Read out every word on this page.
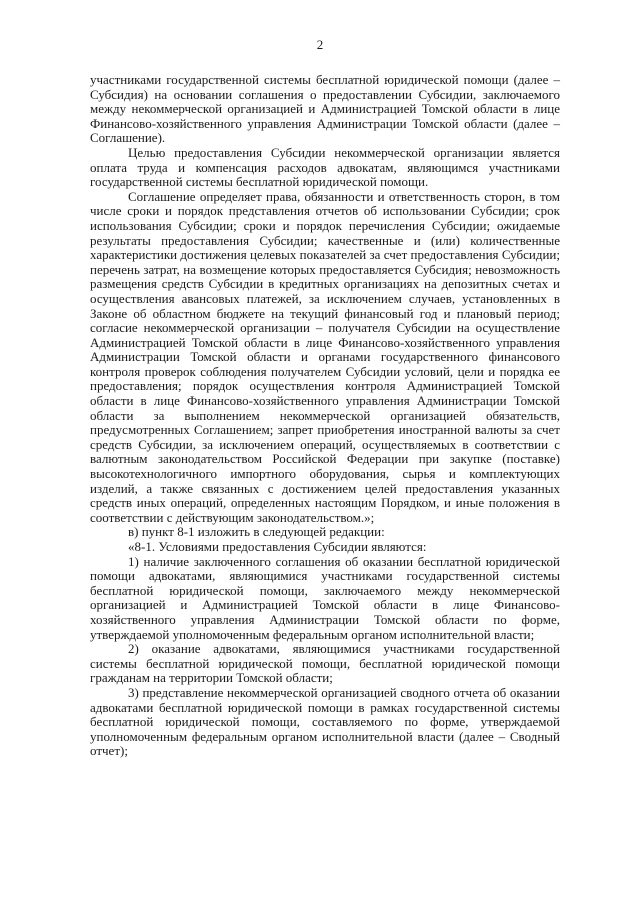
2

участниками государственной системы бесплатной юридической помощи (далее – Субсидия) на основании соглашения о предоставлении Субсидии, заключаемого между некоммерческой организацией и Администрацией Томской области в лице Финансово-хозяйственного управления Администрации Томской области (далее – Соглашение).

Целью предоставления Субсидии некоммерческой организации является оплата труда и компенсация расходов адвокатам, являющимся участниками государственной системы бесплатной юридической помощи.

Соглашение определяет права, обязанности и ответственность сторон, в том числе сроки и порядок представления отчетов об использовании Субсидии; срок использования Субсидии; сроки и порядок перечисления Субсидии; ожидаемые результаты предоставления Субсидии; качественные и (или) количественные характеристики достижения целевых показателей за счет предоставления Субсидии; перечень затрат, на возмещение которых предоставляется Субсидия; невозможность размещения средств Субсидии в кредитных организациях на депозитных счетах и осуществления авансовых платежей, за исключением случаев, установленных в Законе об областном бюджете на текущий финансовый год и плановый период; согласие некоммерческой организации – получателя Субсидии на осуществление Администрацией Томской области в лице Финансово-хозяйственного управления Администрации Томской области и органами государственного финансового контроля проверок соблюдения получателем Субсидии условий, цели и порядка ее предоставления; порядок осуществления контроля Администрацией Томской области в лице Финансово-хозяйственного управления Администрации Томской области за выполнением некоммерческой организацией обязательств, предусмотренных Соглашением; запрет приобретения иностранной валюты за счет средств Субсидии, за исключением операций, осуществляемых в соответствии с валютным законодательством Российской Федерации при закупке (поставке) высокотехнологичного импортного оборудования, сырья и комплектующих изделий, а также связанных с достижением целей предоставления указанных средств иных операций, определенных настоящим Порядком, и иные положения в соответствии с действующим законодательством.»;

в) пункт 8-1 изложить в следующей редакции:

«8-1. Условиями предоставления Субсидии являются:

1) наличие заключенного соглашения об оказании бесплатной юридической помощи адвокатами, являющимися участниками государственной системы бесплатной юридической помощи, заключаемого между некоммерческой организацией и Администрацией Томской области в лице Финансово-хозяйственного управления Администрации Томской области по форме, утверждаемой уполномоченным федеральным органом исполнительной власти;

2) оказание адвокатами, являющимися участниками государственной системы бесплатной юридической помощи, бесплатной юридической помощи гражданам на территории Томской области;

3) представление некоммерческой организацией сводного отчета об оказании адвокатами бесплатной юридической помощи в рамках государственной системы бесплатной юридической помощи, составляемого по форме, утверждаемой уполномоченным федеральным органом исполнительной власти (далее – Сводный отчет);
